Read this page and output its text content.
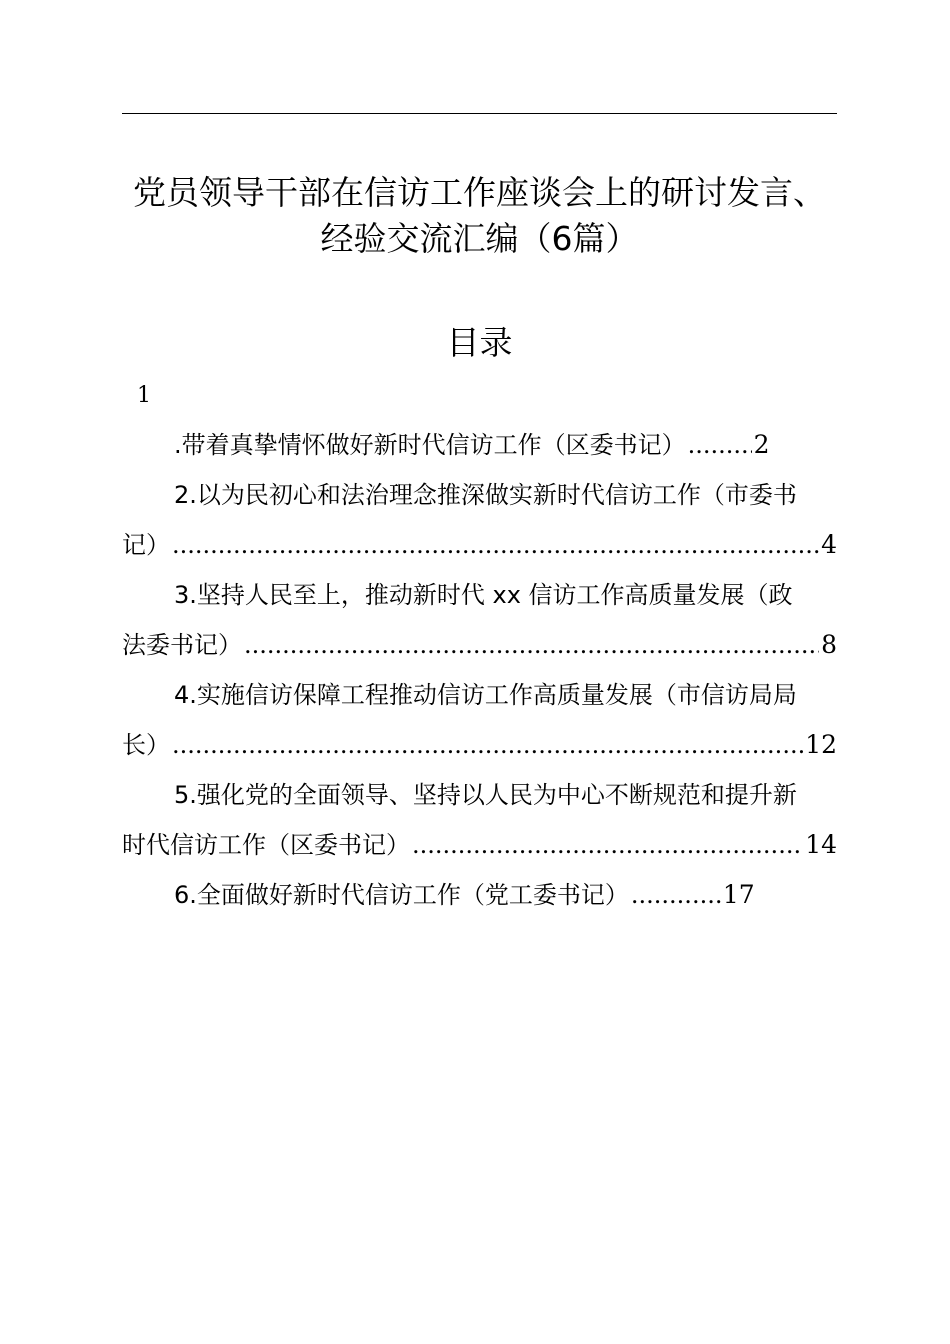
党员领导干部在信访工作座谈会上的研讨发言、
经验交流汇编（6篇）
目录
1
.带着真挚情怀做好新时代信访工作（区委书记） .....	2
2.以为民初心和法治理念推深做实新时代信访工作（市委书
记） .....	4
3.坚持人民至上，推动新时代 xx 信访工作高质量发展（政
法委书记） .....	8
4.实施信访保障工程推动信访工作高质量发展（市信访局局
长） .....	12
5.强化党的全面领导、坚持以人民为中心不断规范和提升新
时代信访工作（区委书记） .....	14
6.全面做好新时代信访工作（党工委书记） .....	17
